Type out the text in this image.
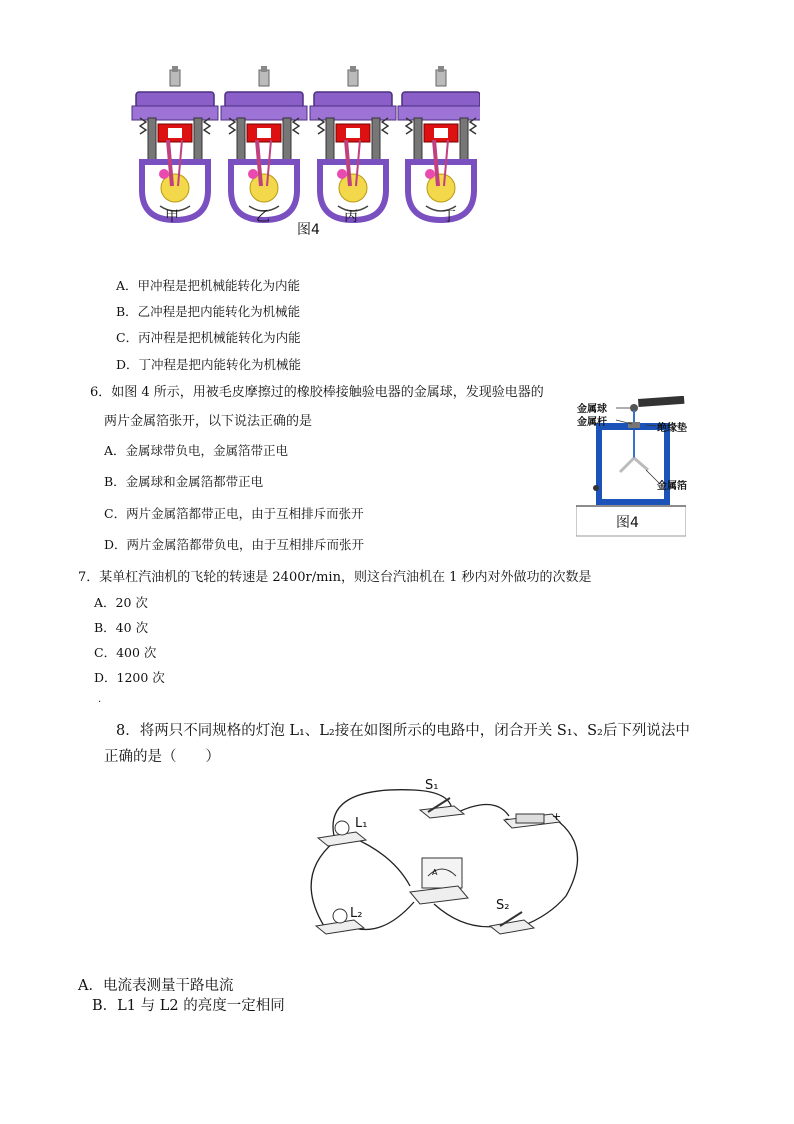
甲	乙	丙	丁
图4
A．甲冲程是把机械能转化为内能
B．乙冲程是把内能转化为机械能
C．丙冲程是把机械能转化为内能
D．丁冲程是把内能转化为机械能
6．如图 4 所示，用被毛皮摩擦过的橡胶棒接触验电器的金属球，发现验电器的
两片金属箔张开，以下说法正确的是
A．金属球带负电，金属箔带正电
B．金属球和金属箔都带正电
C．两片金属箔都带正电，由于互相排斥而张开
D．两片金属箔都带负电，由于互相排斥而张开
金属球
金属杆
绝缘垫
金属箔
图4
7．某单杠汽油机的飞轮的转速是 2400r/min，则这台汽油机在 1 秒内对外做功的次数是
A．20 次
B．40 次
C．400 次
D．1200 次
.
8．将两只不同规格的灯泡 L₁、L₂接在如图所示的电路中，闭合开关 S₁、S₂后下列说法中
正确的是（　　）
S₁
S₂
L₁
L₂
-	+
A
A．电流表测量干路电流
B．L1 与 L2 的亮度一定相同
